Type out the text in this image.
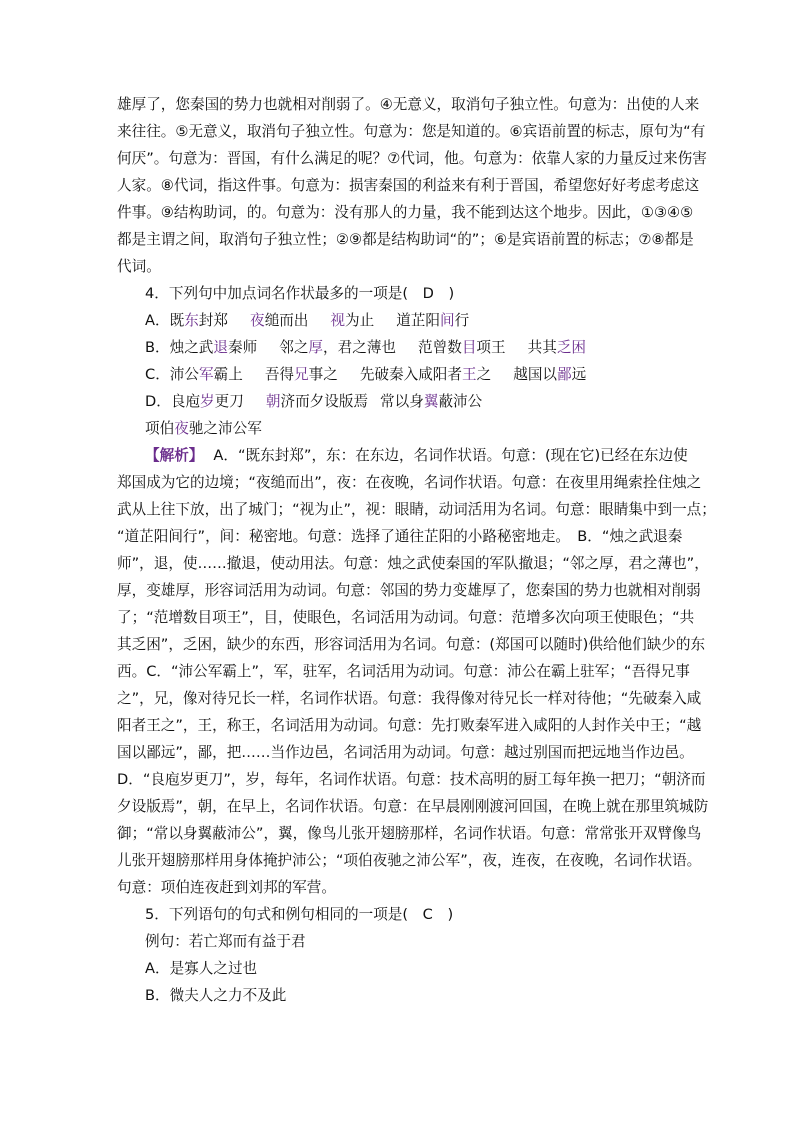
雄厚了，您秦国的势力也就相对削弱了。④无意义，取消句子独立性。句意为：出使的人来
来往往。⑤无意义，取消句子独立性。句意为：您是知道的。⑥宾语前置的标志，原句为“有
何厌”。句意为：晋国，有什么满足的呢？⑦代词，他。句意为：依靠人家的力量反过来伤害
人家。⑧代词，指这件事。句意为：损害秦国的利益来有利于晋国，希望您好好考虑考虑这
件事。⑨结构助词，的。句意为：没有那人的力量，我不能到达这个地步。因此，①③④⑤
都是主谓之间，取消句子独立性；②⑨都是结构助词“的”；⑥是宾语前置的标志；⑦⑧都是
代词。
4．下列句中加点词名作状最多的一项是(　D　)
A．既东封郑 夜缒而出 视为止 道芷阳间行
B．烛之武退秦师 邻之厚，君之薄也 范曾数目项王 共其乏困
C．沛公军霸上 吾得兄事之 先破秦入咸阳者王之 越国以鄙远
D．良庖岁更刀 朝济而夕设版焉 常以身翼蔽沛公
项伯夜驰之沛公军
【解析】 A．“既东封郑”，东：在东边，名词作状语。句意：(现在它)已经在东边使
郑国成为它的边境；“夜缒而出”，夜：在夜晚，名词作状语。句意：在夜里用绳索拴住烛之
武从上往下放，出了城门；“视为止”，视：眼睛，动词活用为名词。句意：眼睛集中到一点；
“道芷阳间行”，间：秘密地。句意：选择了通往芷阳的小路秘密地走。　B．“烛之武退秦
师”，退，使……撤退，使动用法。句意：烛之武使秦国的军队撤退；“邻之厚，君之薄也”，
厚，变雄厚，形容词活用为动词。句意：邻国的势力变雄厚了，您秦国的势力也就相对削弱
了；“范增数目项王”，目，使眼色，名词活用为动词。句意：范增多次向项王使眼色；“共
其乏困”，乏困，缺少的东西，形容词活用为名词。句意：(郑国可以随时)供给他们缺少的东
西。C．“沛公军霸上”，军，驻军，名词活用为动词。句意：沛公在霸上驻军；“吾得兄事
之”，兄，像对待兄长一样，名词作状语。句意：我得像对待兄长一样对待他；“先破秦入咸
阳者王之”，王，称王，名词活用为动词。句意：先打败秦军进入咸阳的人封作关中王；“越
国以鄙远”，鄙，把……当作边邑，名词活用为动词。句意：越过别国而把远地当作边邑。
D．“良庖岁更刀”，岁，每年，名词作状语。句意：技术高明的厨工每年换一把刀；“朝济而
夕设版焉”，朝，在早上，名词作状语。句意：在早晨刚刚渡河回国，在晚上就在那里筑城防
御；“常以身翼蔽沛公”，翼，像鸟儿张开翅膀那样，名词作状语。句意：常常张开双臂像鸟
儿张开翅膀那样用身体掩护沛公；“项伯夜驰之沛公军”，夜，连夜，在夜晚，名词作状语。
句意：项伯连夜赶到刘邦的军营。
5．下列语句的句式和例句相同的一项是(　C　)
例句：若亡郑而有益于君
A．是寡人之过也
B．微夫人之力不及此
